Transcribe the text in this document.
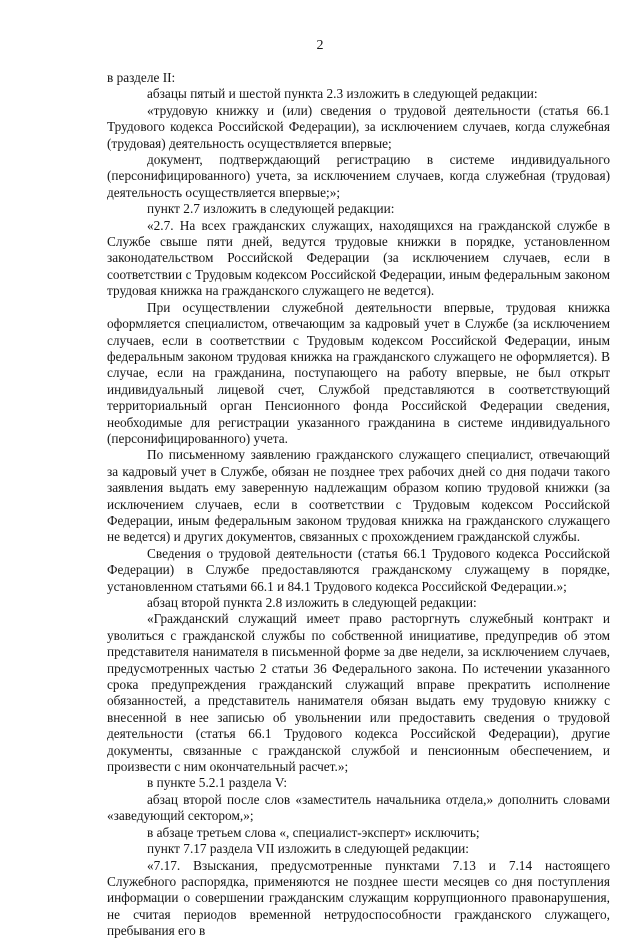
2

в разделе II:

абзацы пятый и шестой пункта 2.3 изложить в следующей редакции:

«трудовую книжку и (или) сведения о трудовой деятельности (статья 66.1 Трудового кодекса Российской Федерации), за исключением случаев, когда служебная (трудовая) деятельность осуществляется впервые;

документ, подтверждающий регистрацию в системе индивидуального (персонифицированного) учета, за исключением случаев, когда служебная (трудовая) деятельность осуществляется впервые;»;

пункт 2.7 изложить в следующей редакции:

«2.7. На всех гражданских служащих, находящихся на гражданской службе в Службе свыше пяти дней, ведутся трудовые книжки в порядке, установленном законодательством Российской Федерации (за исключением случаев, если в соответствии с Трудовым кодексом Российской Федерации, иным федеральным законом трудовая книжка на гражданского служащего не ведется).

При осуществлении служебной деятельности впервые, трудовая книжка оформляется специалистом, отвечающим за кадровый учет в Службе (за исключением случаев, если в соответствии с Трудовым кодексом Российской Федерации, иным федеральным законом трудовая книжка на гражданского служащего не оформляется). В случае, если на гражданина, поступающего на работу впервые, не был открыт индивидуальный лицевой счет, Службой представляются в соответствующий территориальный орган Пенсионного фонда Российской Федерации сведения, необходимые для регистрации указанного гражданина в системе индивидуального (персонифицированного) учета.

По письменному заявлению гражданского служащего специалист, отвечающий за кадровый учет в Службе, обязан не позднее трех рабочих дней со дня подачи такого заявления выдать ему заверенную надлежащим образом копию трудовой книжки (за исключением случаев, если в соответствии с Трудовым кодексом Российской Федерации, иным федеральным законом трудовая книжка на гражданского служащего не ведется) и других документов, связанных с прохождением гражданской службы.

Сведения о трудовой деятельности (статья 66.1 Трудового кодекса Российской Федерации) в Службе предоставляются гражданскому служащему в порядке, установленном статьями 66.1 и 84.1 Трудового кодекса Российской Федерации.»;

абзац второй пункта 2.8 изложить в следующей редакции:

«Гражданский служащий имеет право расторгнуть служебный контракт и уволиться с гражданской службы по собственной инициативе, предупредив об этом представителя нанимателя в письменной форме за две недели, за исключением случаев, предусмотренных частью 2 статьи 36 Федерального закона. По истечении указанного срока предупреждения гражданский служащий вправе прекратить исполнение обязанностей, а представитель нанимателя обязан выдать ему трудовую книжку с внесенной в нее записью об увольнении или предоставить сведения о трудовой деятельности (статья 66.1 Трудового кодекса Российской Федерации), другие документы, связанные с гражданской службой и пенсионным обеспечением, и произвести с ним окончательный расчет.»;

в пункте 5.2.1 раздела V:

абзац второй после слов «заместитель начальника отдела,» дополнить словами «заведующий сектором,»;

в абзаце третьем слова «, специалист-эксперт» исключить;

пункт 7.17 раздела VII изложить в следующей редакции:

«7.17. Взыскания, предусмотренные пунктами 7.13 и 7.14 настоящего Служебного распорядка, применяются не позднее шести месяцев со дня поступления информации о совершении гражданским служащим коррупционного правонарушения, не считая периодов временной нетрудоспособности гражданского служащего, пребывания его в
